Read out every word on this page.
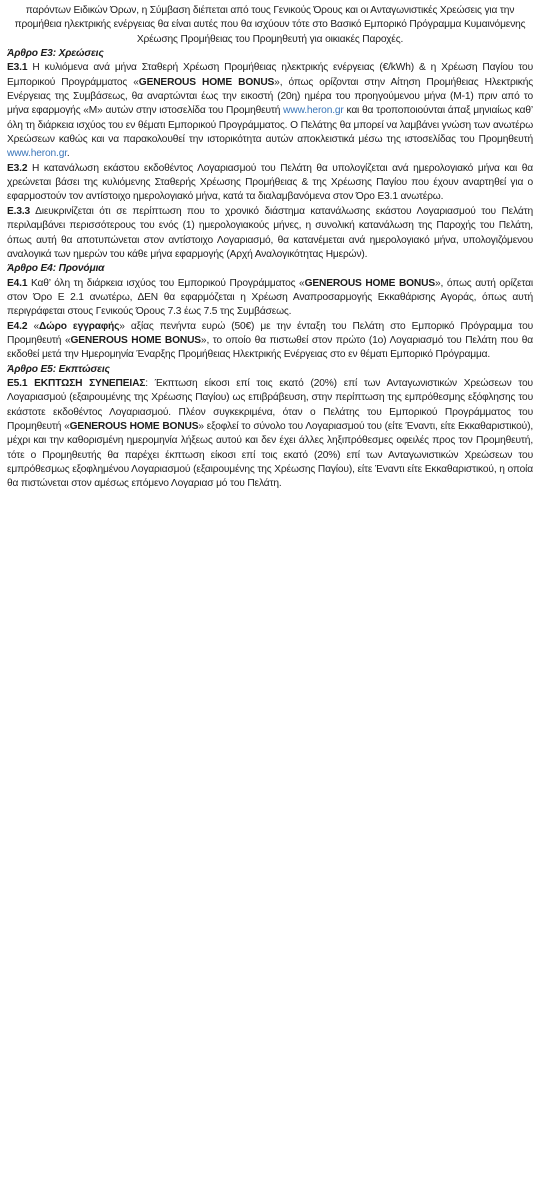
παρόντων Ειδικών Όρων, η Σύμβαση διέπεται από τους Γενικούς Όρους και οι Ανταγωνιστικές Χρεώσεις για την προμήθεια ηλεκτρικής ενέργειας θα είναι αυτές που θα ισχύουν τότε στο Βασικό Εμπορικό Πρόγραμμα Κυμαινόμενης Χρέωσης Προμήθειας του Προμηθευτή για οικιακές Παροχές.

Άρθρο Ε3: Χρεώσεις

Ε3.1 Η κυλιόμενα ανά μήνα Σταθερή Χρέωση Προμήθειας ηλεκτρικής ενέργειας (€/kWh) & η Χρέωση Παγίου του Εμπορικού Προγράμματος «GENEROUS HOME BONUS», όπως ορίζονται στην Αίτηση Προμήθειας Ηλεκτρικής Ενέργειας της Συμβάσεως, θα αναρτώνται έως την εικοστή (20η) ημέρα του προηγούμενου μήνα (Μ-1) πριν από το μήνα εφαρμογής «Μ» αυτών στην ιστοσελίδα του Προμηθευτή www.heron.gr και θα τροποποιούνται άπαξ μηνιαίως καθ’ όλη τη διάρκεια ισχύος του εν θέματι Εμπορικού Προγράμματος. Ο Πελάτης θα μπορεί να λαμβάνει γνώση των ανωτέρω Χρεώσεων καθώς και να παρακολουθεί την ιστορικότητα αυτών αποκλειστικά μέσω της ιστοσελίδας του Προμηθευτή www.heron.gr.

Ε3.2 Η κατανάλωση εκάστου εκδοθέντος Λογαριασμού του Πελάτη θα υπολογίζεται ανά ημερολογιακό μήνα και θα χρεώνεται βάσει της κυλιόμενης Σταθερής Χρέωσης Προμήθειας & της Χρέωσης Παγίου που έχουν αναρτηθεί για ο εφαρμοστούν τον αντίστοιχο ημερολογιακό μήνα, κατά τα διαλαμβανόμενα στον Όρο Ε3.1 ανωτέρω.

Ε.3.3 Διευκρινίζεται ότι σε περίπτωση που το χρονικό διάστημα κατανάλωσης εκάστου Λογαριασμού του Πελάτη περιλαμβάνει περισσότερους του ενός (1) ημερολογιακούς μήνες, η συνολική κατανάλωση της Παροχής του Πελάτη, όπως αυτή θα αποτυπώνεται στον αντίστοιχο Λογαριασμό, θα κατανέμεται ανά ημερολογιακό μήνα, υπολογιζόμενου αναλογικά των ημερών του κάθε μήνα εφαρμογής (Αρχή Αναλογικότητας Ημερών).

Άρθρο Ε4: Προνόμια

Ε4.1 Καθ’ όλη τη διάρκεια ισχύος του Εμπορικού Προγράμματος «GENEROUS HOME BONUS», όπως αυτή ορίζεται στον Όρο Ε 2.1 ανωτέρω, ΔΕΝ θα εφαρμόζεται η Χρέωση Αναπροσαρμογής Εκκαθάρισης Αγοράς, όπως αυτή περιγράφεται στους Γενικούς Όρους 7.3 έως 7.5 της Συμβάσεως.

Ε4.2 «Δώρο εγγραφής» αξίας πενήντα ευρώ (50€) με την ένταξη του Πελάτη στο Εμπορικό Πρόγραμμα του Προμηθευτή «GENEROUS HOME BONUS», το οποίο θα πιστωθεί στον πρώτο (1ο) Λογαριασμό του Πελάτη που θα εκδοθεί μετά την Ημερομηνία Έναρξης Προμήθειας Ηλεκτρικής Ενέργειας στο εν θέματι Εμπορικό Πρόγραμμα.

Άρθρο Ε5: Εκπτώσεις

Ε5.1 ΕΚΠΤΩΣΗ ΣΥΝΕΠΕΙΑΣ: Έκπτωση είκοσι επί τοις εκατό (20%) επί των Ανταγωνιστικών Χρεώσεων του Λογαριασμού (εξαιρουμένης της Χρέωσης Παγίου) ως επιβράβευση, στην περίπτωση της εμπρόθεσμης εξόφλησης του εκάστοτε εκδοθέντος Λογαριασμού. Πλέον συγκεκριμένα, όταν ο Πελάτης του Εμπορικού Προγράμματος του Προμηθευτή «GENEROUS HOME BONUS» εξοφλεί το σύνολο του Λογαριασμού του (είτε Έναντι, είτε Εκκαθαριστικού), μέχρι και την καθορισμένη ημερομηνία λήξεως αυτού και δεν έχει άλλες ληξιπρόθεσμες οφειλές προς τον Προμηθευτή, τότε ο Προμηθευτής θα παρέχει έκπτωση είκοσι επί τοις εκατό (20%) επί των Ανταγωνιστικών Χρεώσεων του εμπρόθεσμως εξοφλημένου Λογαριασμού (εξαιρουμένης της Χρέωσης Παγίου), είτε Έναντι είτε Εκκαθαριστικού, η οποία θα πιστώνεται στον αμέσως επόμενο Λογαριασ μό του Πελάτη.
